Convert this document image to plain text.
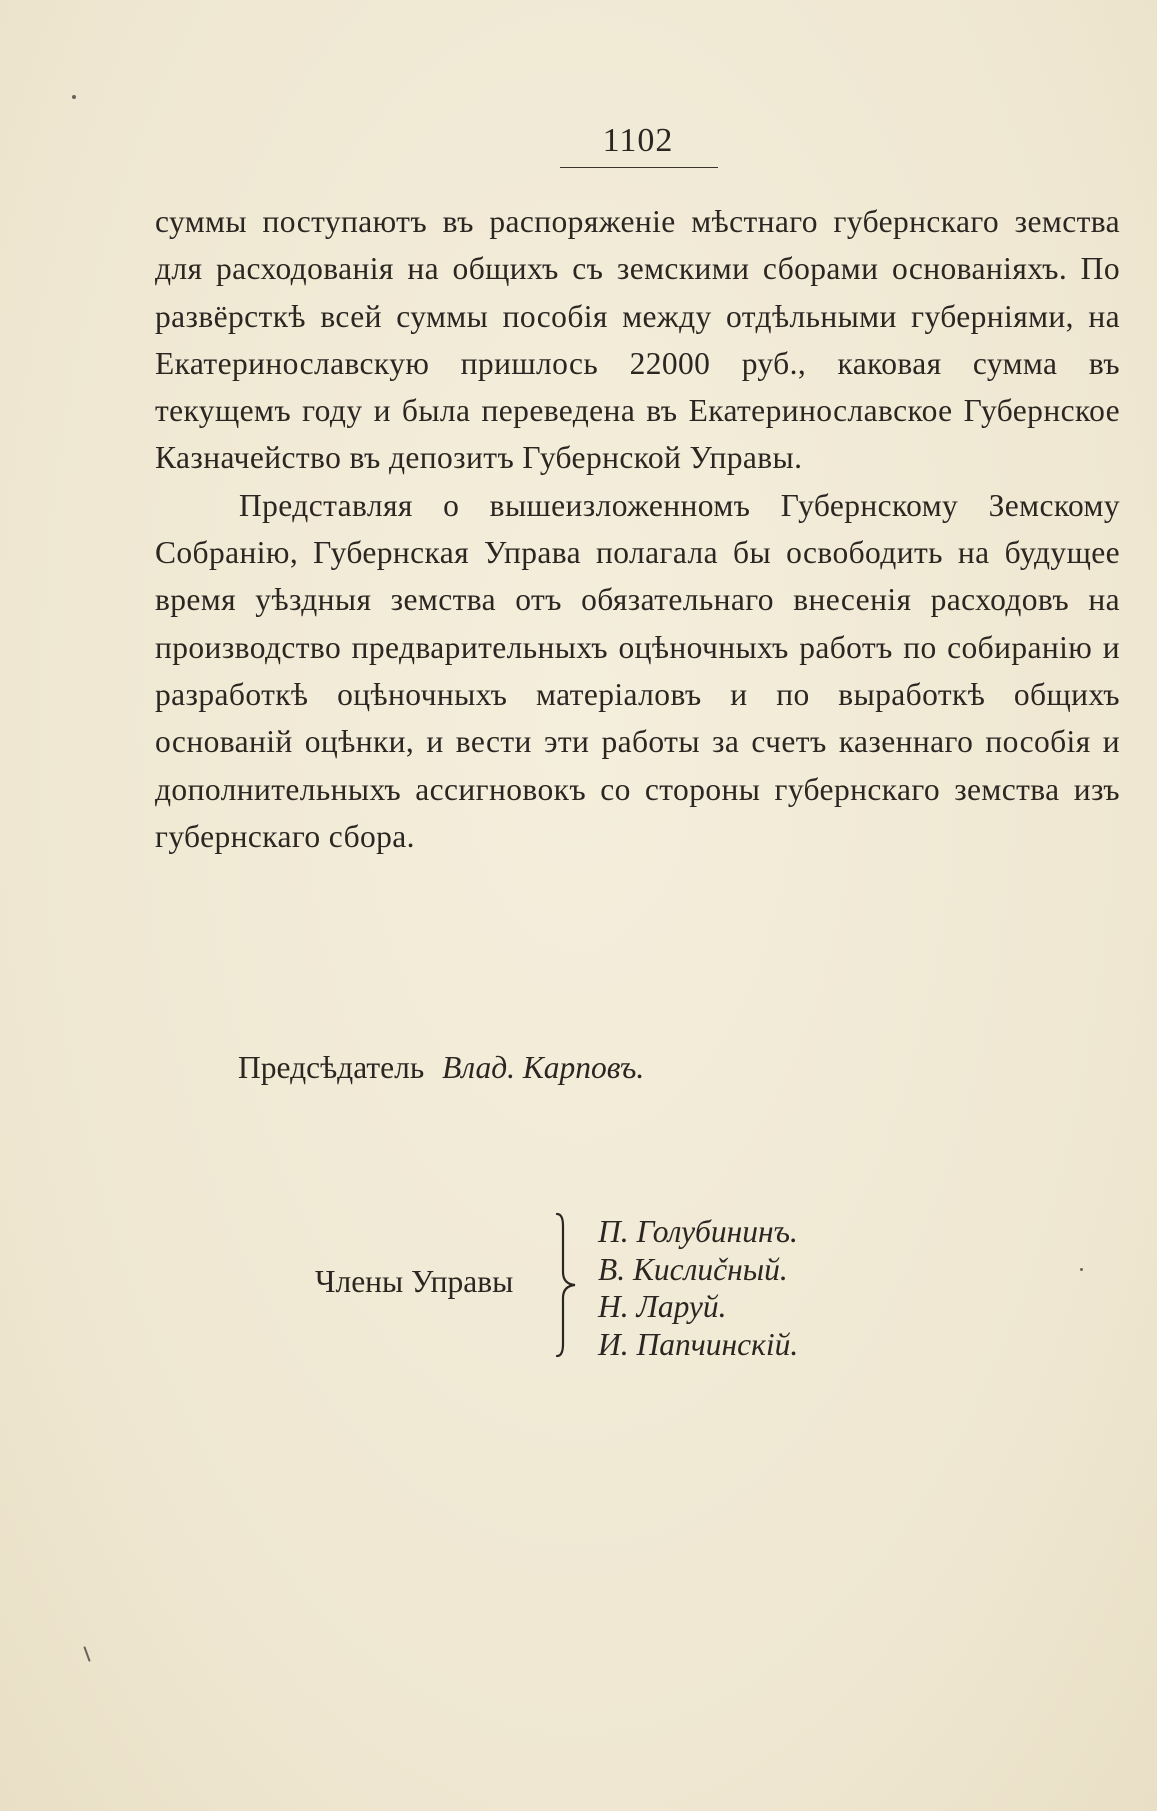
1102

суммы поступаютъ въ распоряженіе мѣстнаго губернскаго земства для расходованія на общихъ съ земскими сборами основаніяхъ. По развёрсткѣ всей суммы пособія между отдѣльными губерніями, на Екатеринославскую пришлось 22000 руб., каковая сумма въ текущемъ году и была переведена въ Екатеринославское Губернское Казначейство въ депозитъ Губернской Управы.

Представляя о вышеизложенномъ Губернскому Земскому Собранію, Губернская Управа полагала бы освободить на будущее время уѣздныя земства отъ обязательнаго внесенія расходовъ на производство предварительныхъ оцѣночныхъ работъ по собиранію и разработкѣ оцѣночныхъ матеріаловъ и по выработкѣ общихъ основаній оцѣнки, и вести эти работы за счетъ казеннаго пособія и дополнительныхъ ассигновокъ со стороны губернскаго земства изъ губернскаго сбора.

Предсѣдатель Влад. Карповъ.
Члены Управы
П. Голубининъ.
В. Кислиčный.
Н. Ларуй.
И. Папчинскій.
